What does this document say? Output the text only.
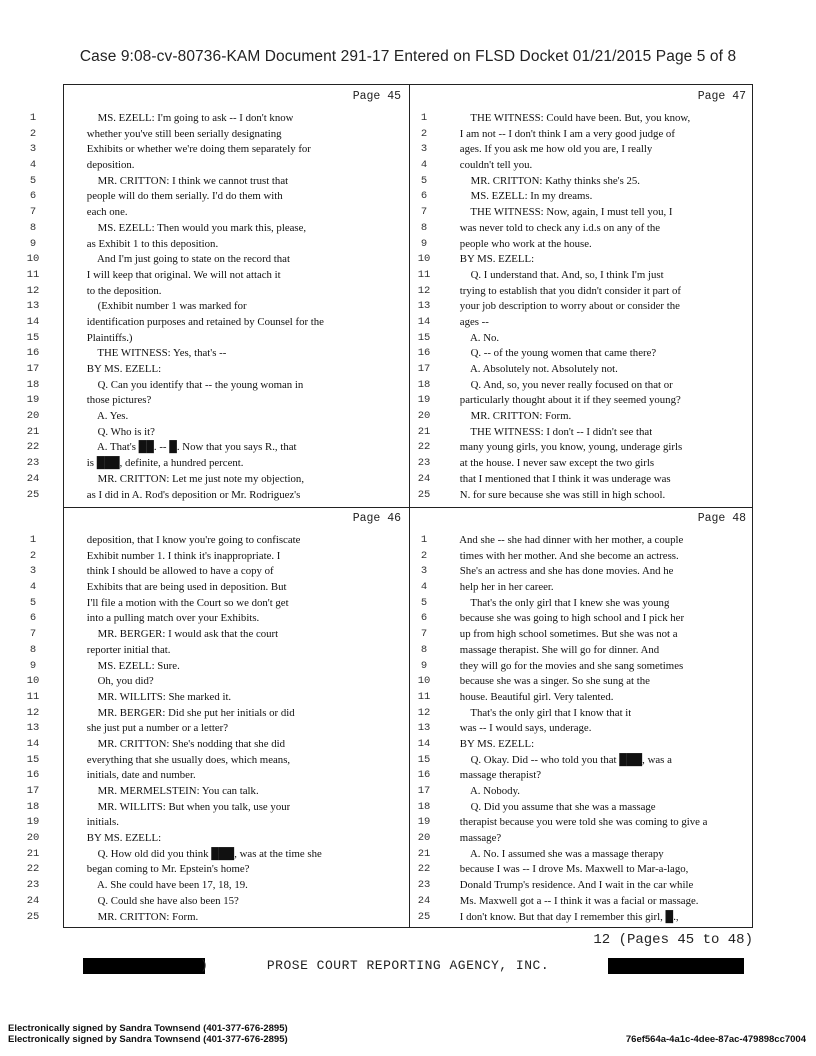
Case 9:08-cv-80736-KAM Document 291-17 Entered on FLSD Docket 01/21/2015 Page 5 of 8
Page 45
1	MS. EZELL: I'm going to ask -- I don't know
2	whether you've still been serially designating
3	Exhibits or whether we're doing them separately for
4	deposition.
5	MR. CRITTON: I think we cannot trust that
6	people will do them serially. I'd do them with
7	each one.
8	MS. EZELL: Then would you mark this, please,
9	as Exhibit 1 to this deposition.
10	And I'm just going to state on the record that
11	I will keep that original. We will not attach it
12	to the deposition.
13	(Exhibit number 1 was marked for
14	identification purposes and retained by Counsel for the
15	Plaintiffs.)
16	THE WITNESS: Yes, that's --
17	BY MS. EZELL:
18	Q. Can you identify that -- the young woman in
19	those pictures?
20	A. Yes.
21	Q. Who is it?
22	A. That's ██. -- █. Now that you says R., that
23	is ███, definite, a hundred percent.
24	MR. CRITTON: Let me just note my objection,
25	as I did in A. Rod's deposition or Mr. Rodriguez's
Page 47
1	THE WITNESS: Could have been. But, you know,
2	I am not -- I don't think I am a very good judge of
3	ages. If you ask me how old you are, I really
4	couldn't tell you.
5	MR. CRITTON: Kathy thinks she's 25.
6	MS. EZELL: In my dreams.
7	THE WITNESS: Now, again, I must tell you, I
8	was never told to check any i.d.s on any of the
9	people who work at the house.
10	BY MS. EZELL:
11	Q. I understand that. And, so, I think I'm just
12	trying to establish that you didn't consider it part of
13	your job description to worry about or consider the
14	ages --
15	A. No.
16	Q. -- of the young women that came there?
17	A. Absolutely not. Absolutely not.
18	Q. And, so, you never really focused on that or
19	particularly thought about it if they seemed young?
20	MR. CRITTON: Form.
21	THE WITNESS: I don't -- I didn't see that
22	many young girls, you know, young, underage girls
23	at the house. I never saw except the two girls
24	that I mentioned that I think it was underage was
25	N. for sure because she was still in high school.
Page 46
1	deposition, that I know you're going to confiscate
2	Exhibit number 1. I think it's inappropriate. I
3	think I should be allowed to have a copy of
4	Exhibits that are being used in deposition. But
5	I'll file a motion with the Court so we don't get
6	into a pulling match over your Exhibits.
7	MR. BERGER: I would ask that the court
8	reporter initial that.
9	MS. EZELL: Sure.
10	Oh, you did?
11	MR. WILLITS: She marked it.
12	MR. BERGER: Did she put her initials or did
13	she just put a number or a letter?
14	MR. CRITTON: She's nodding that she did
15	everything that she usually does, which means,
16	initials, date and number.
17	MR. MERMELSTEIN: You can talk.
18	MR. WILLITS: But when you talk, use your
19	initials.
20	BY MS. EZELL:
21	Q. How old did you think ███, was at the time she
22	began coming to Mr. Epstein's home?
23	A. She could have been 17, 18, 19.
24	Q. Could she have also been 15?
25	MR. CRITTON: Form.
Page 48
1	And she -- she had dinner with her mother, a couple
2	times with her mother. And she become an actress.
3	She's an actress and she has done movies. And he
4	help her in her career.
5	That's the only girl that I knew she was young
6	because she was going to high school and I pick her
7	up from high school sometimes. But she was not a
8	massage therapist. She will go for dinner. And
9	they will go for the movies and she sang sometimes
10	because she was a singer. So she sung at the
11	house. Beautiful girl. Very talented.
12	That's the only girl that I know that it
13	was -- I would says, underage.
14	BY MS. EZELL:
15	Q. Okay. Did -- who told you that ███, was a
16	massage therapist?
17	A. Nobody.
18	Q. Did you assume that she was a massage
19	therapist because you were told she was coming to give a
20	massage?
21	A. No. I assumed she was a massage therapy
22	because I was -- I drove Ms. Maxwell to Mar-a-lago,
23	Donald Trump's residence. And I wait in the car while
24	Ms. Maxwell got a -- I think it was a facial or massage.
25	I don't know. But that day I remember this girl, █.,
12 (Pages 45 to 48)
)	PROSE COURT REPORTING AGENCY, INC.
Electronically signed by Sandra Townsend (401-377-676-2895)
Electronically signed by Sandra Townsend (401-377-676-2895)	76ef564a-4a1c-4dee-87ac-479898cc7004
